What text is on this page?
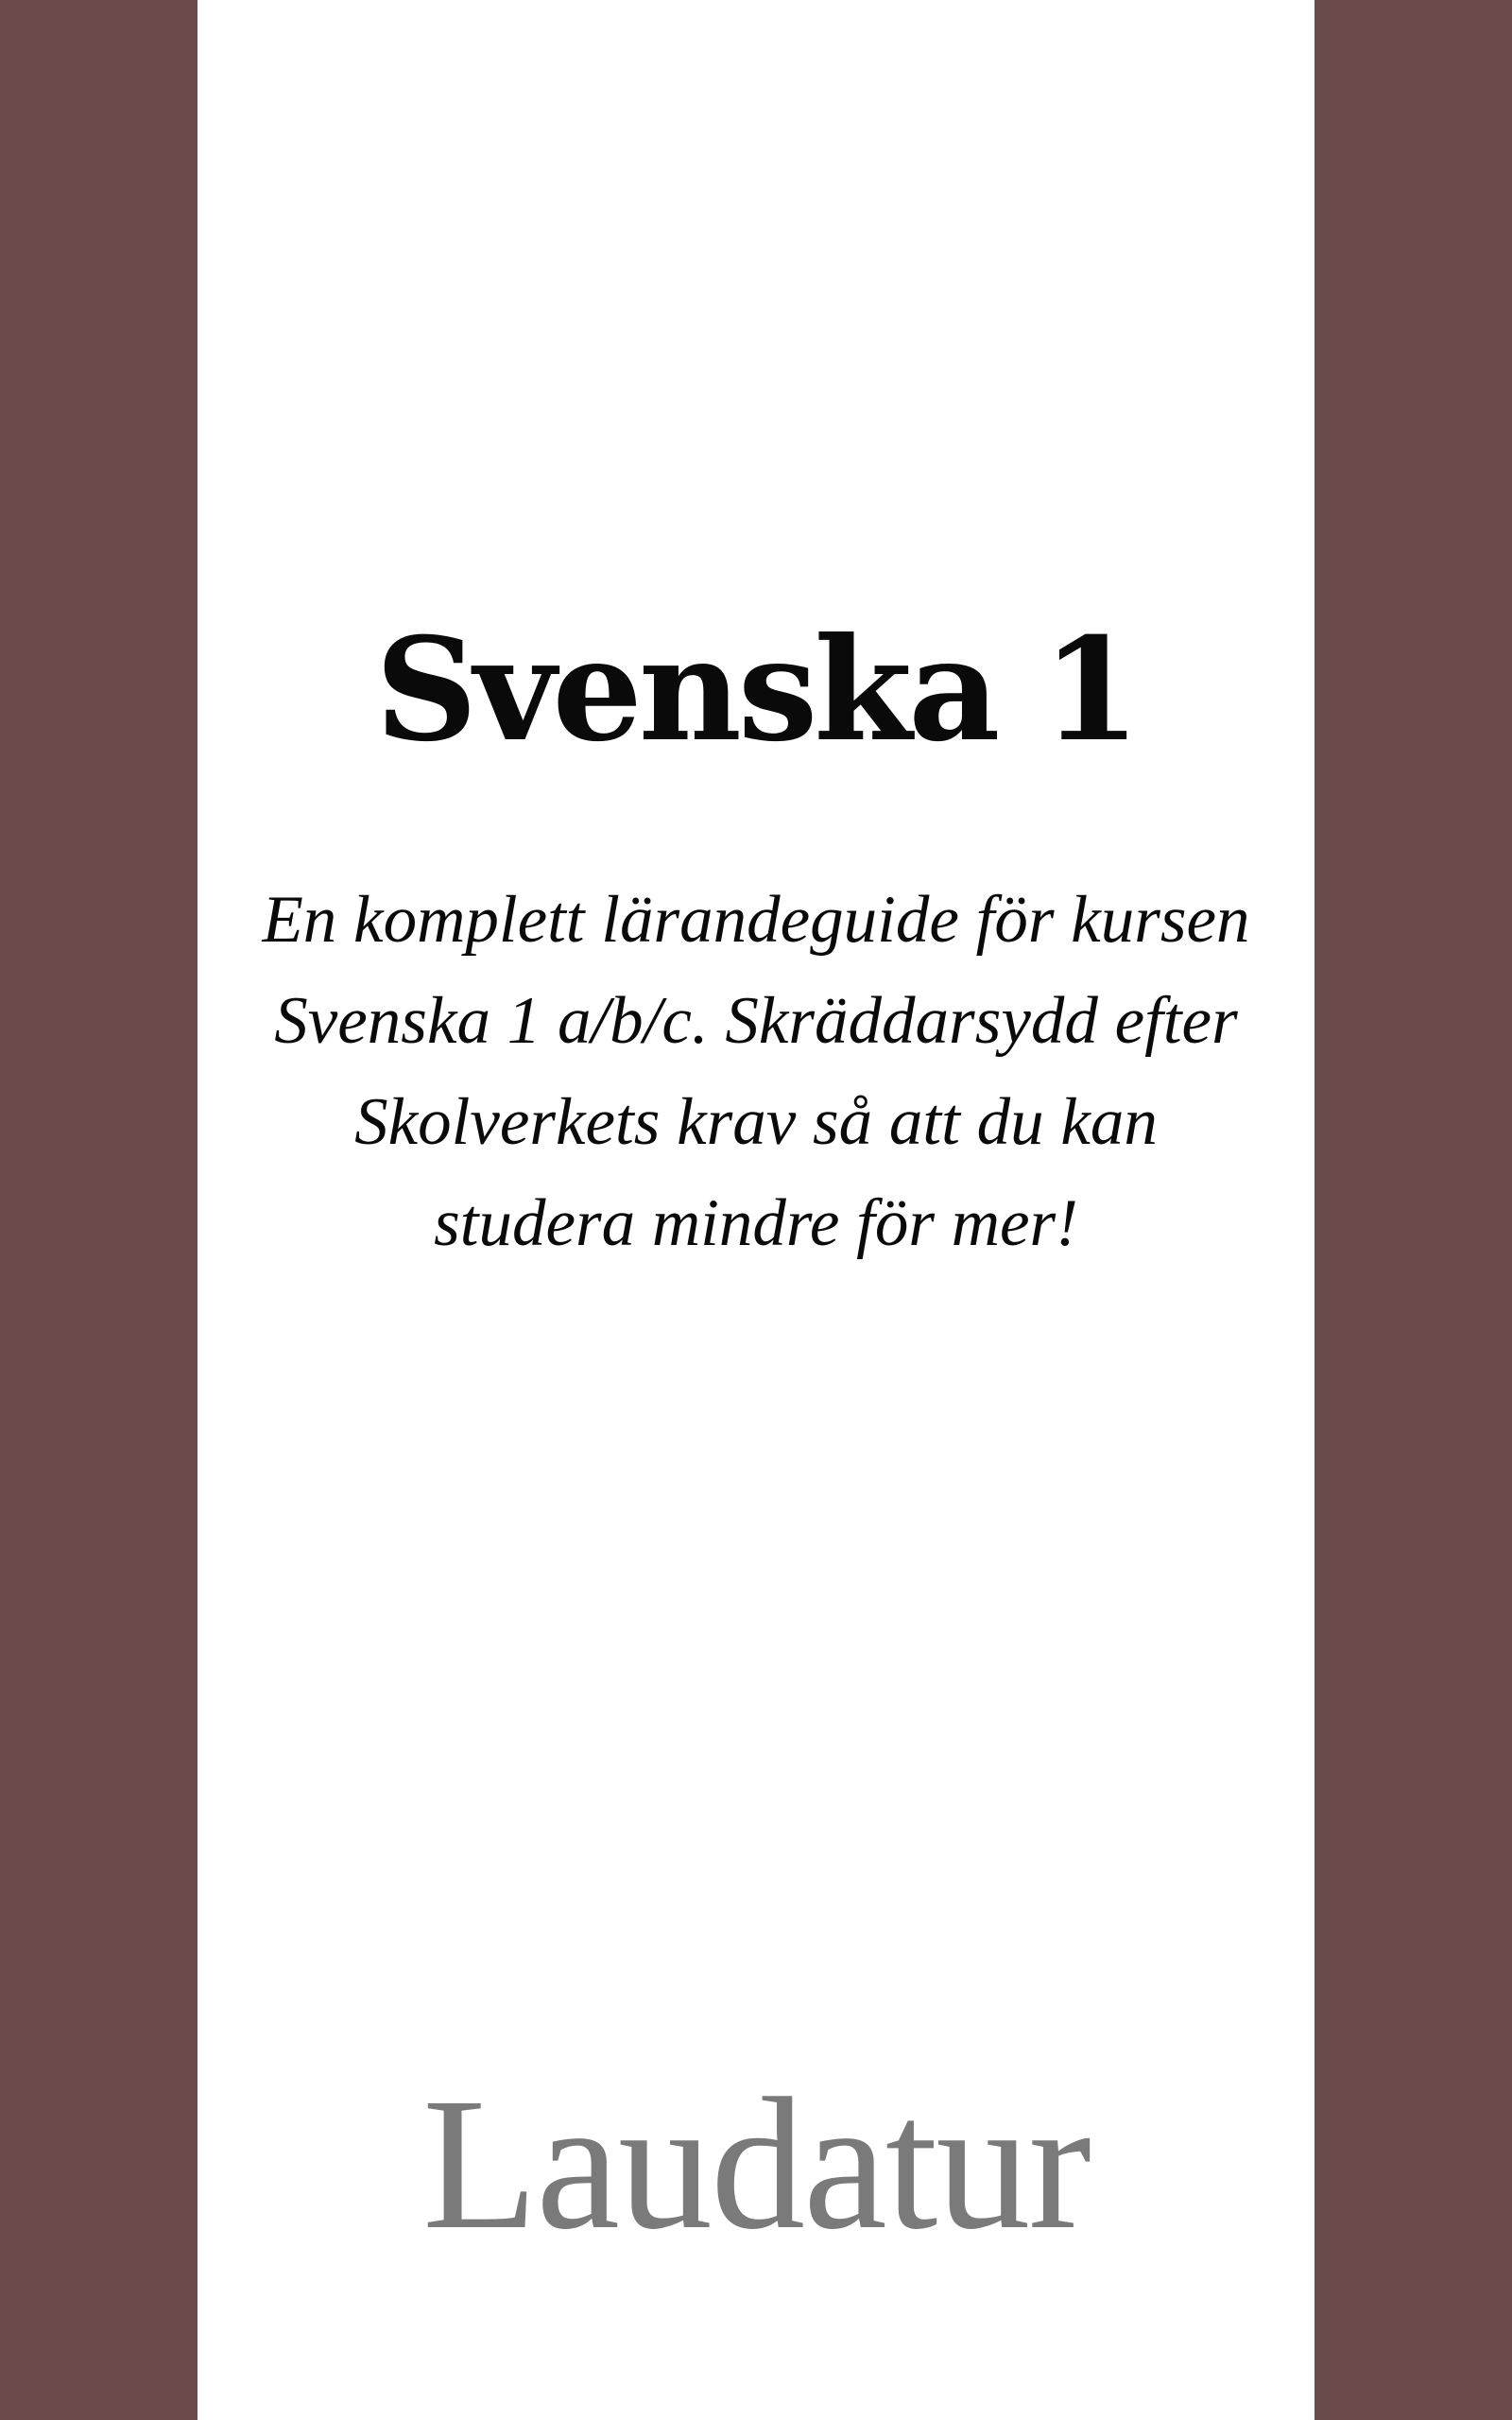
Svenska 1

En komplett lärandeguide för kursen Svenska 1 a/b/c. Skräddarsydd efter Skolverkets krav så att du kan studera mindre för mer!

Laudatur
